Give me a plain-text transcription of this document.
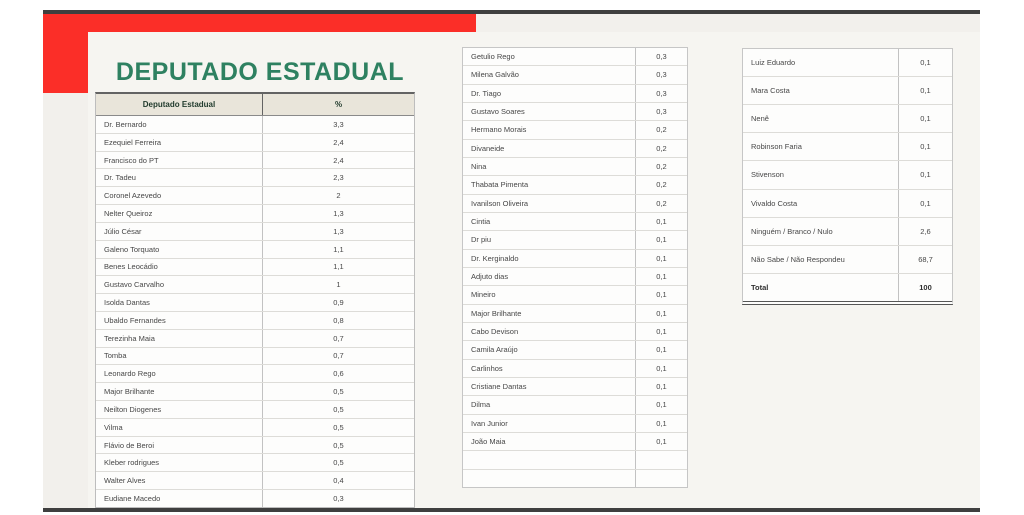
DEPUTADO ESTADUAL
Deputado Estadual	%
Dr. Bernardo	3,3
Ezequiel Ferreira	2,4
Francisco do PT	2,4
Dr. Tadeu	2,3
Coronel Azevedo	2
Nelter Queiroz	1,3
Júlio César	1,3
Galeno Torquato	1,1
Benes Leocádio	1,1
Gustavo Carvalho	1
Isolda Dantas	0,9
Ubaldo Fernandes	0,8
Terezinha Maia	0,7
Tomba	0,7
Leonardo Rego	0,6
Major Brilhante	0,5
Neilton Diogenes	0,5
Vilma	0,5
Flávio de Beroi	0,5
Kleber rodrigues	0,5
Walter Alves	0,4
Eudiane Macedo	0,3
Getulio Rego	0,3
Milena Galvão	0,3
Dr. Tiago	0,3
Gustavo Soares	0,3
Hermano Morais	0,2
Divaneide	0,2
Nina	0,2
Thabata Pimenta	0,2
Ivanilson Oliveira	0,2
Cintia	0,1
Dr piu	0,1
Dr. Kerginaldo	0,1
Adjuto dias	0,1
Mineiro	0,1
Major Brilhante	0,1
Cabo Devison	0,1
Camila Araújo	0,1
Carlinhos	0,1
Cristiane Dantas	0,1
Dilma	0,1
Ivan Junior	0,1
João Maia	0,1
Luiz Eduardo	0,1
Mara Costa	0,1
Nenê	0,1
Robinson Faria	0,1
Stivenson	0,1
Vivaldo Costa	0,1
Ninguém / Branco / Nulo	2,6
Não Sabe / Não Respondeu	68,7
Total	100
